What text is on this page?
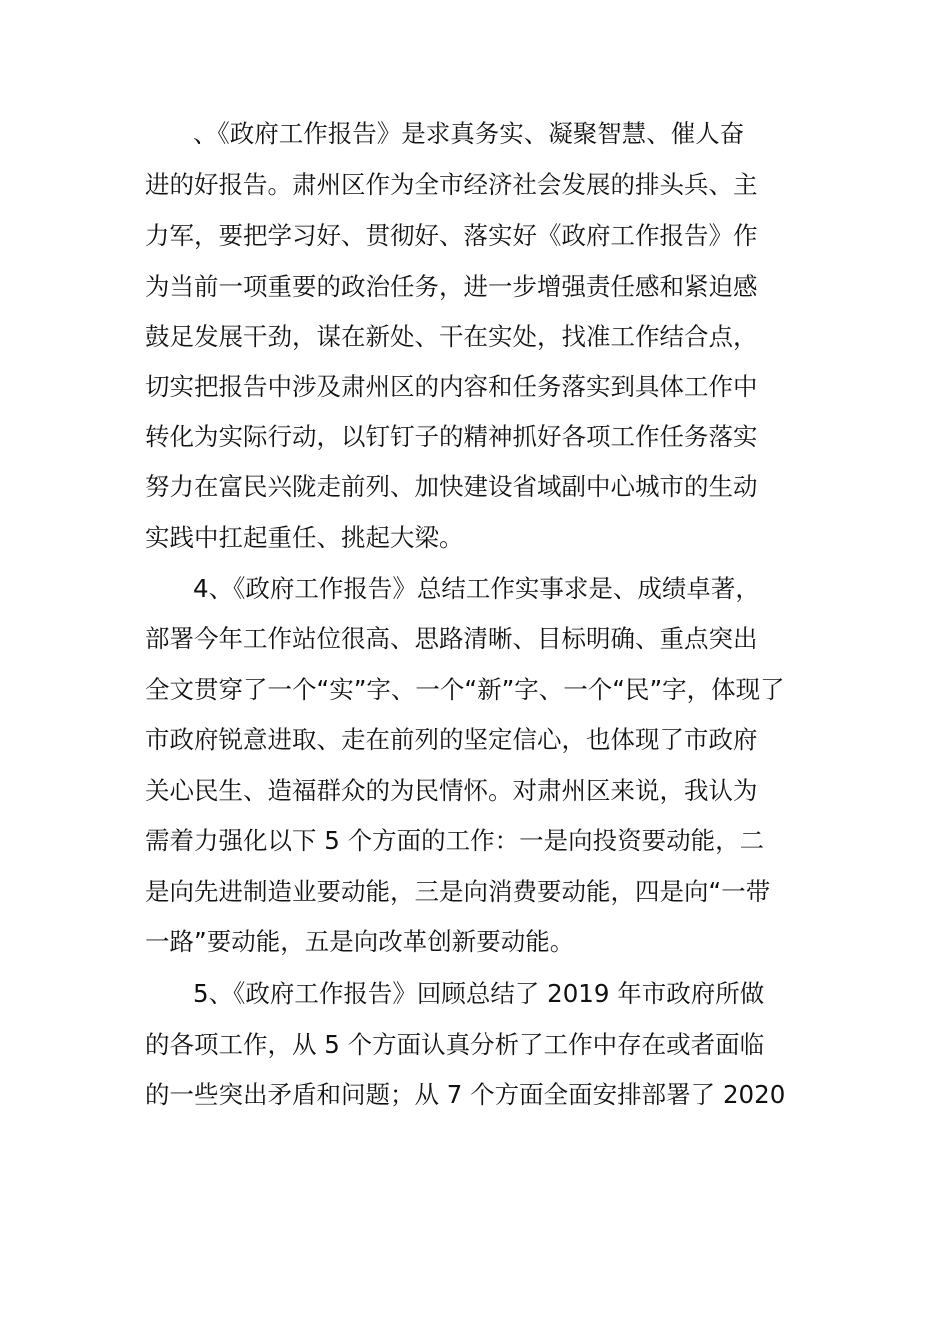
、《政府工作报告》是求真务实、凝聚智慧、催人奋
进的好报告。肃州区作为全市经济社会发展的排头兵、主
力军，要把学习好、贯彻好、落实好《政府工作报告》作
为当前一项重要的政治任务，进一步增强责任感和紧迫感
鼓足发展干劲，谋在新处、干在实处，找准工作结合点，
切实把报告中涉及肃州区的内容和任务落实到具体工作中
转化为实际行动，以钉钉子的精神抓好各项工作任务落实
努力在富民兴陇走前列、加快建设省域副中心城市的生动
实践中扛起重任、挑起大梁。
4、《政府工作报告》总结工作实事求是、成绩卓著，
部署今年工作站位很高、思路清晰、目标明确、重点突出
全文贯穿了一个“实”字、一个“新”字、一个“民”字，体现了
市政府锐意进取、走在前列的坚定信心，也体现了市政府
关心民生、造福群众的为民情怀。对肃州区来说，我认为
需着力强化以下 5 个方面的工作：一是向投资要动能，二
是向先进制造业要动能，三是向消费要动能，四是向“一带
一路”要动能，五是向改革创新要动能。
5、《政府工作报告》回顾总结了 2019 年市政府所做
的各项工作，从 5 个方面认真分析了工作中存在或者面临
的一些突出矛盾和问题；从 7 个方面全面安排部署了 2020
